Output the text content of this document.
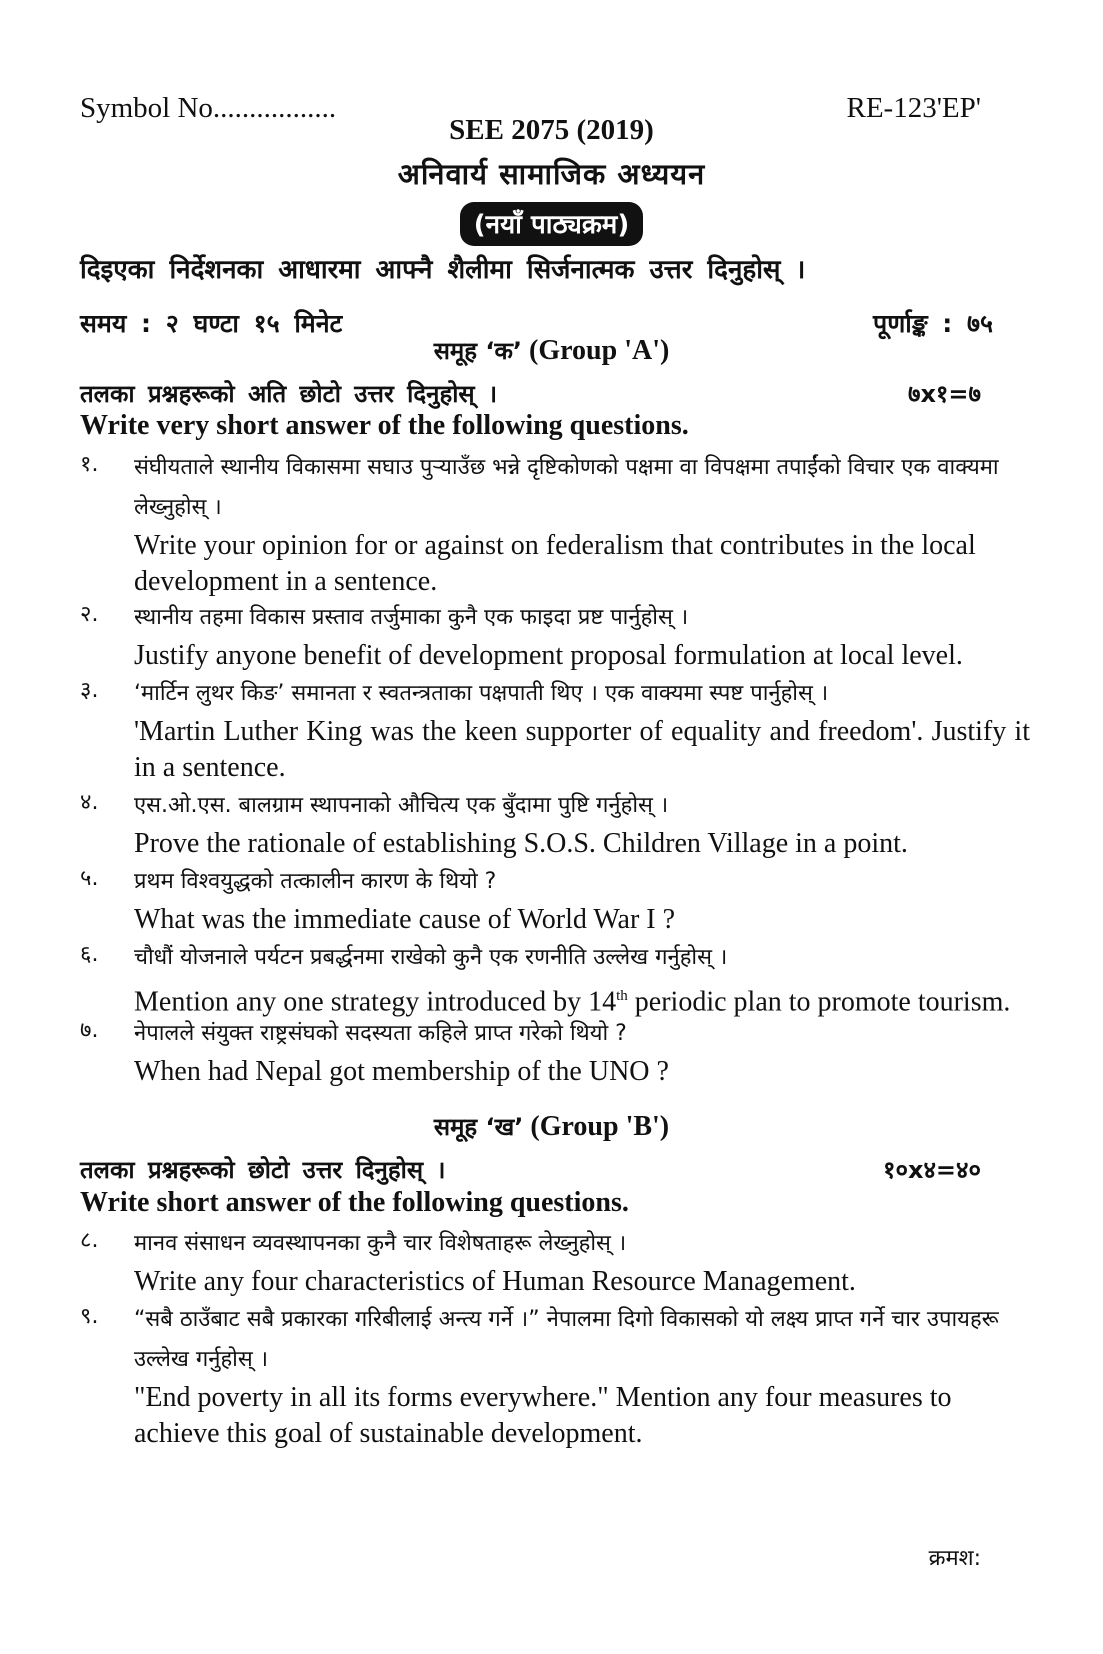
Symbol No.................	RE-123'EP'
SEE 2075 (2019)
अनिवार्य सामाजिक अध्ययन
(नयाँ पाठ्यक्रम)
दिइएका निर्देशनका आधारमा आफ्नै शैलीमा सिर्जनात्मक उत्तर दिनुहोस् ।
समय : २ घण्टा १५ मिनेट	पूर्णाङ्क : ७५
समूह ‘क’ (Group 'A')
तलका प्रश्नहरूको अति छोटो उत्तर दिनुहोस् ।	७x१=७
Write very short answer of the following questions.
१. संघीयताले स्थानीय विकासमा सघाउ पुऱ्याउँछ भन्ने दृष्टिकोणको पक्षमा वा विपक्षमा तपाईंको विचार एक वाक्यमा लेख्नुहोस् ।
Write your opinion for or against on federalism that contributes in the local development in a sentence.
२. स्थानीय तहमा विकास प्रस्ताव तर्जुमाका कुनै एक फाइदा प्रष्ट पार्नुहोस् ।
Justify anyone benefit of development proposal formulation at local level.
३. ‘मार्टिन लुथर किङ’ समानता र स्वतन्त्रताका पक्षपाती थिए । एक वाक्यमा स्पष्ट पार्नुहोस् ।
'Martin Luther King was the keen supporter of equality and freedom'. Justify it in a sentence.
४. एस.ओ.एस. बालग्राम स्थापनाको औचित्य एक बुँदामा पुष्टि गर्नुहोस् ।
Prove the rationale of establishing S.O.S. Children Village in a point.
५. प्रथम विश्वयुद्धको तत्कालीन कारण के थियो ?
What was the immediate cause of World War I ?
६. चौधौं योजनाले पर्यटन प्रबर्द्धनमा राखेको कुनै एक रणनीति उल्लेख गर्नुहोस् ।
Mention any one strategy introduced by 14th periodic plan to promote tourism.
७. नेपालले संयुक्त राष्ट्रसंघको सदस्यता कहिले प्राप्त गरेको थियो ?
When had Nepal got membership of the UNO ?
समूह ‘ख’ (Group 'B')
तलका प्रश्नहरूको छोटो उत्तर दिनुहोस् ।	१०x४=४०
Write short answer of the following questions.
८. मानव संसाधन व्यवस्थापनका कुनै चार विशेषताहरू लेख्नुहोस् ।
Write any four characteristics of Human Resource Management.
९. “सबै ठाउँबाट सबै प्रकारका गरिबीलाई अन्त्य गर्ने ।” नेपालमा दिगो विकासको यो लक्ष्य प्राप्त गर्ने चार उपायहरू उल्लेख गर्नुहोस् ।
"End poverty in all its forms everywhere." Mention any four measures to achieve this goal of sustainable development.
क्रमश:
